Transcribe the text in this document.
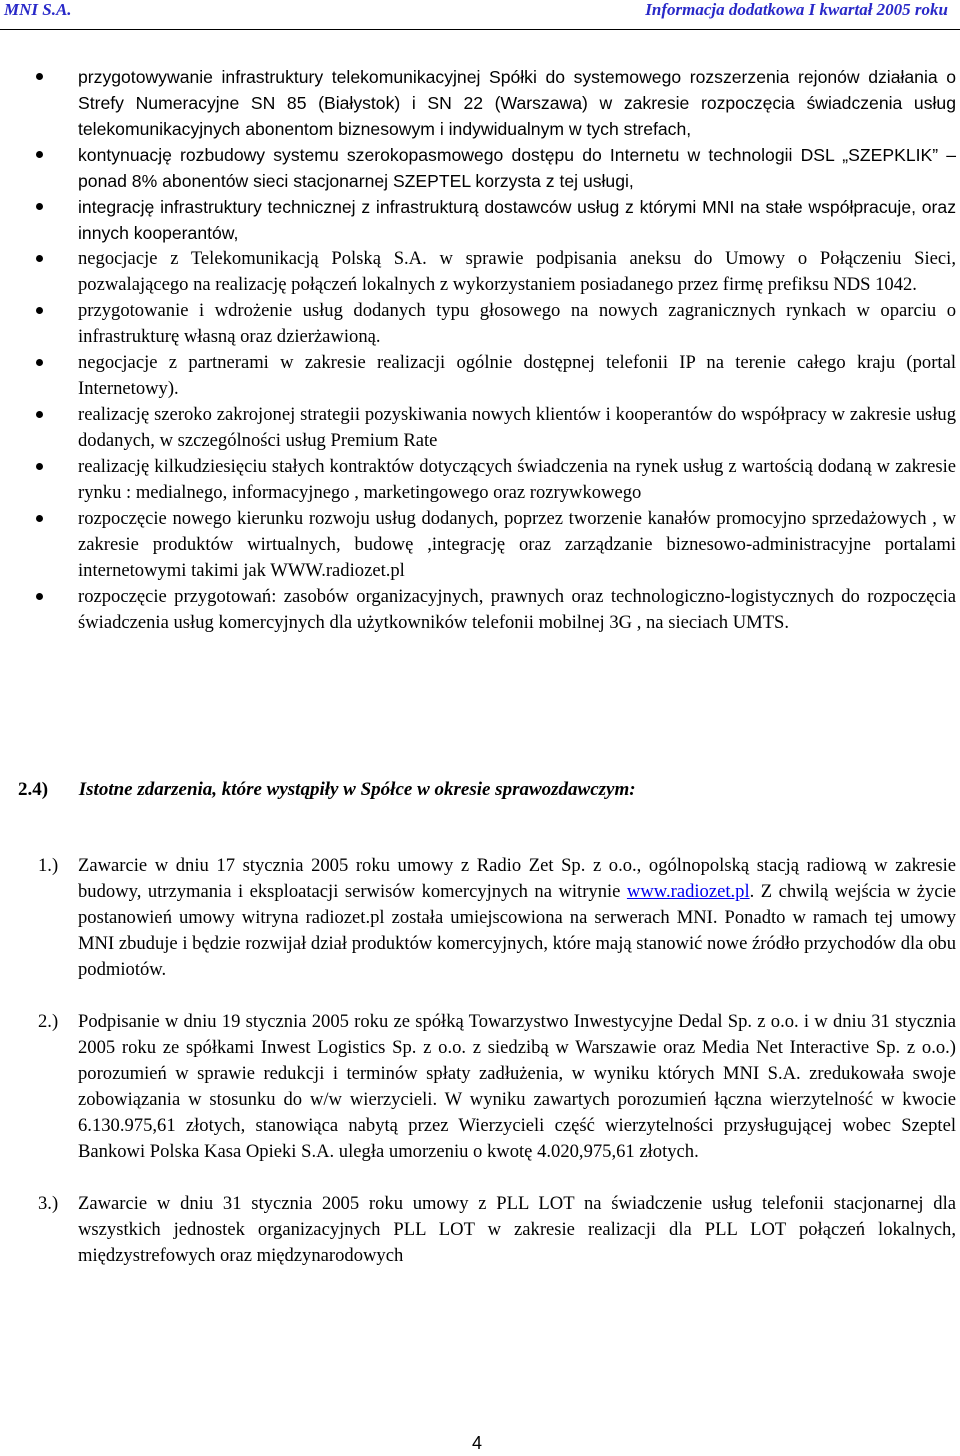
MNI S.A.	Informacja dodatkowa I kwartał 2005 roku
przygotowywanie infrastruktury telekomunikacyjnej Spółki do systemowego rozszerzenia rejonów działania o Strefy Numeracyjne SN 85 (Białystok) i SN 22 (Warszawa) w zakresie rozpoczęcia świadczenia usług telekomunikacyjnych abonentom biznesowym i indywidualnym w tych strefach,
kontynuację rozbudowy systemu szerokopasmowego dostępu do Internetu w technologii DSL „SZEPKLIK” – ponad 8% abonentów sieci stacjonarnej SZEPTEL korzysta z tej usługi,
integrację infrastruktury technicznej z infrastrukturą dostawców usług z którymi MNI na stałe współpracuje, oraz innych kooperantów,
negocjacje z Telekomunikacją Polską S.A. w sprawie podpisania aneksu do Umowy o Połączeniu Sieci, pozwalającego na realizację połączeń lokalnych z wykorzystaniem posiadanego przez firmę prefiksu NDS 1042.
przygotowanie i wdrożenie usług dodanych typu głosowego na nowych zagranicznych rynkach w oparciu o infrastrukturę własną oraz dzierżawioną.
negocjacje z partnerami w zakresie realizacji ogólnie dostępnej telefonii IP na terenie całego kraju (portal Internetowy).
realizację szeroko zakrojonej strategii pozyskiwania nowych klientów i kooperantów do współpracy w zakresie usług dodanych, w szczególności usług Premium Rate
realizację kilkudziesięciu stałych kontraktów dotyczących świadczenia na rynek usług z wartością dodaną w zakresie rynku : medialnego, informacyjnego , marketingowego oraz rozrywkowego
rozpoczęcie nowego kierunku rozwoju usług dodanych, poprzez tworzenie kanałów promocyjno sprzedażowych , w zakresie produktów wirtualnych, budowę ,integrację oraz zarządzanie biznesowo-administracyjne portalami internetowymi takimi jak WWW.radiozet.pl
rozpoczęcie przygotowań: zasobów organizacyjnych, prawnych oraz technologiczno-logistycznych do rozpoczęcia świadczenia usług komercyjnych dla użytkowników telefonii mobilnej 3G , na sieciach UMTS.
2.4) Istotne zdarzenia, które wystąpiły w Spółce w okresie sprawozdawczym:
1.) Zawarcie w dniu 17 stycznia 2005 roku umowy z Radio Zet Sp. z o.o., ogólnopolską stacją radiową w zakresie budowy, utrzymania i eksploatacji serwisów komercyjnych na witrynie www.radiozet.pl. Z chwilą wejścia w życie postanowień umowy witryna radiozet.pl została umiejscowiona na serwerach MNI. Ponadto w ramach tej umowy MNI zbuduje i będzie rozwijał dział produktów komercyjnych, które mają stanowić nowe źródło przychodów dla obu podmiotów.
2.) Podpisanie w dniu 19 stycznia 2005 roku ze spółką Towarzystwo Inwestycyjne Dedal Sp. z o.o. i w dniu 31 stycznia 2005 roku ze spółkami Inwest Logistics Sp. z o.o. z siedzibą w Warszawie oraz Media Net Interactive Sp. z o.o.) porozumień w sprawie redukcji i terminów spłaty zadłużenia, w wyniku których MNI S.A. zredukowała swoje zobowiązania w stosunku do w/w wierzycieli. W wyniku zawartych porozumień łączna wierzytelność w kwocie 6.130.975,61 złotych, stanowiąca nabytą przez Wierzycieli część wierzytelności przysługującej wobec Szeptel Bankowi Polska Kasa Opieki S.A. uległa umorzeniu o kwotę 4.020,975,61 złotych.
3.) Zawarcie w dniu 31 stycznia 2005 roku umowy z PLL LOT na świadczenie usług telefonii stacjonarnej dla wszystkich jednostek organizacyjnych PLL LOT w zakresie realizacji dla PLL LOT połączeń lokalnych, międzystrefowych oraz międzynarodowych
4
